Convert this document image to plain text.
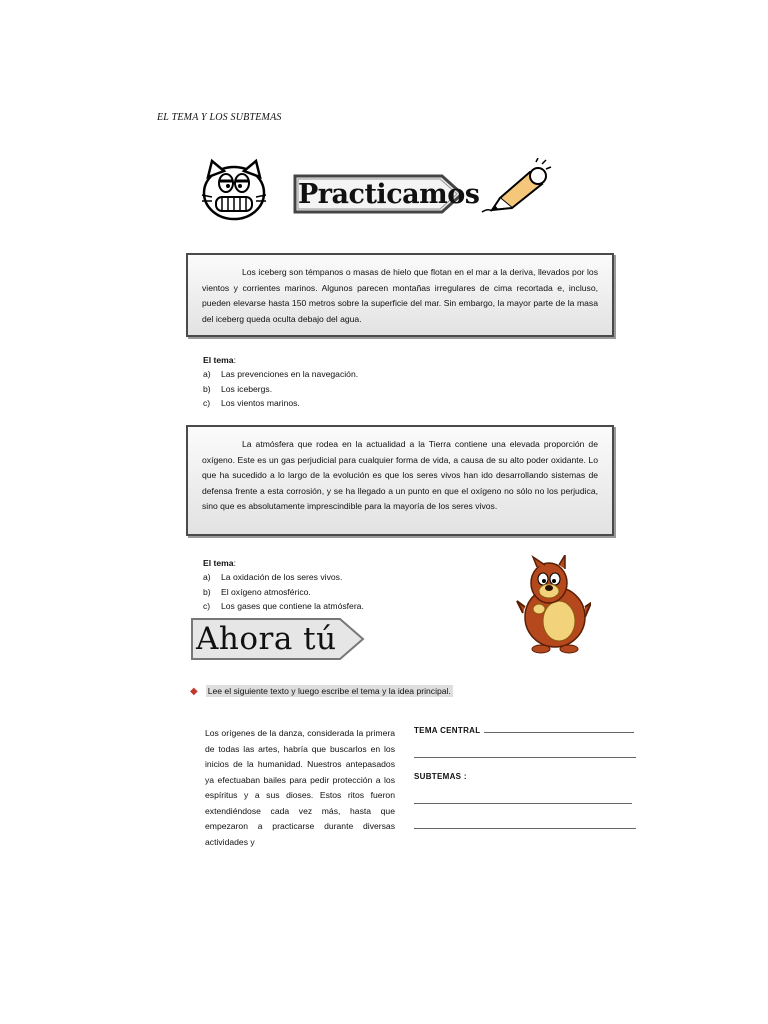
EL TEMA Y LOS SUBTEMAS
Practicamos
Los iceberg son témpanos o masas de hielo que flotan en el mar a la deriva, llevados por los vientos y corrientes marinos. Algunos parecen montañas irregulares de cima recortada e, incluso, pueden elevarse hasta 150 metros sobre la superficie del mar. Sin embargo, la mayor parte de la masa del iceberg queda oculta debajo del agua.
El tema:
a)	Las prevenciones en la navegación.
b)	Los icebergs.
c)	Los vientos marinos.
La atmósfera que rodea en la actualidad a la Tierra contiene una elevada proporción de oxígeno. Este es un gas perjudicial para cualquier forma de vida, a causa de su alto poder oxidante. Lo que ha sucedido a lo largo de la evolución es que los seres vivos han ido desarrollando sistemas de defensa frente a esta corrosión, y se ha llegado a un punto en que el oxígeno no sólo no los perjudica, sino que es absolutamente imprescindible para la mayoría de los seres vivos.
El tema:
a)	La oxidación de los seres vivos.
b)	El oxígeno atmosférico.
c)	Los gases que contiene la atmósfera.
Ahora tú
◆ Lee el siguiente texto y luego escribe el tema y la idea principal.
Los orígenes de la danza, considerada la primera de todas las artes, habría que buscarlos en los inicios de la humanidad. Nuestros antepasados ya efectuaban bailes para pedir protección a los espíritus y a sus dioses. Estos ritos fueron extendiéndose cada vez más, hasta que empezaron a practicarse durante diversas actividades y
TEMA CENTRAL
SUBTEMAS :
